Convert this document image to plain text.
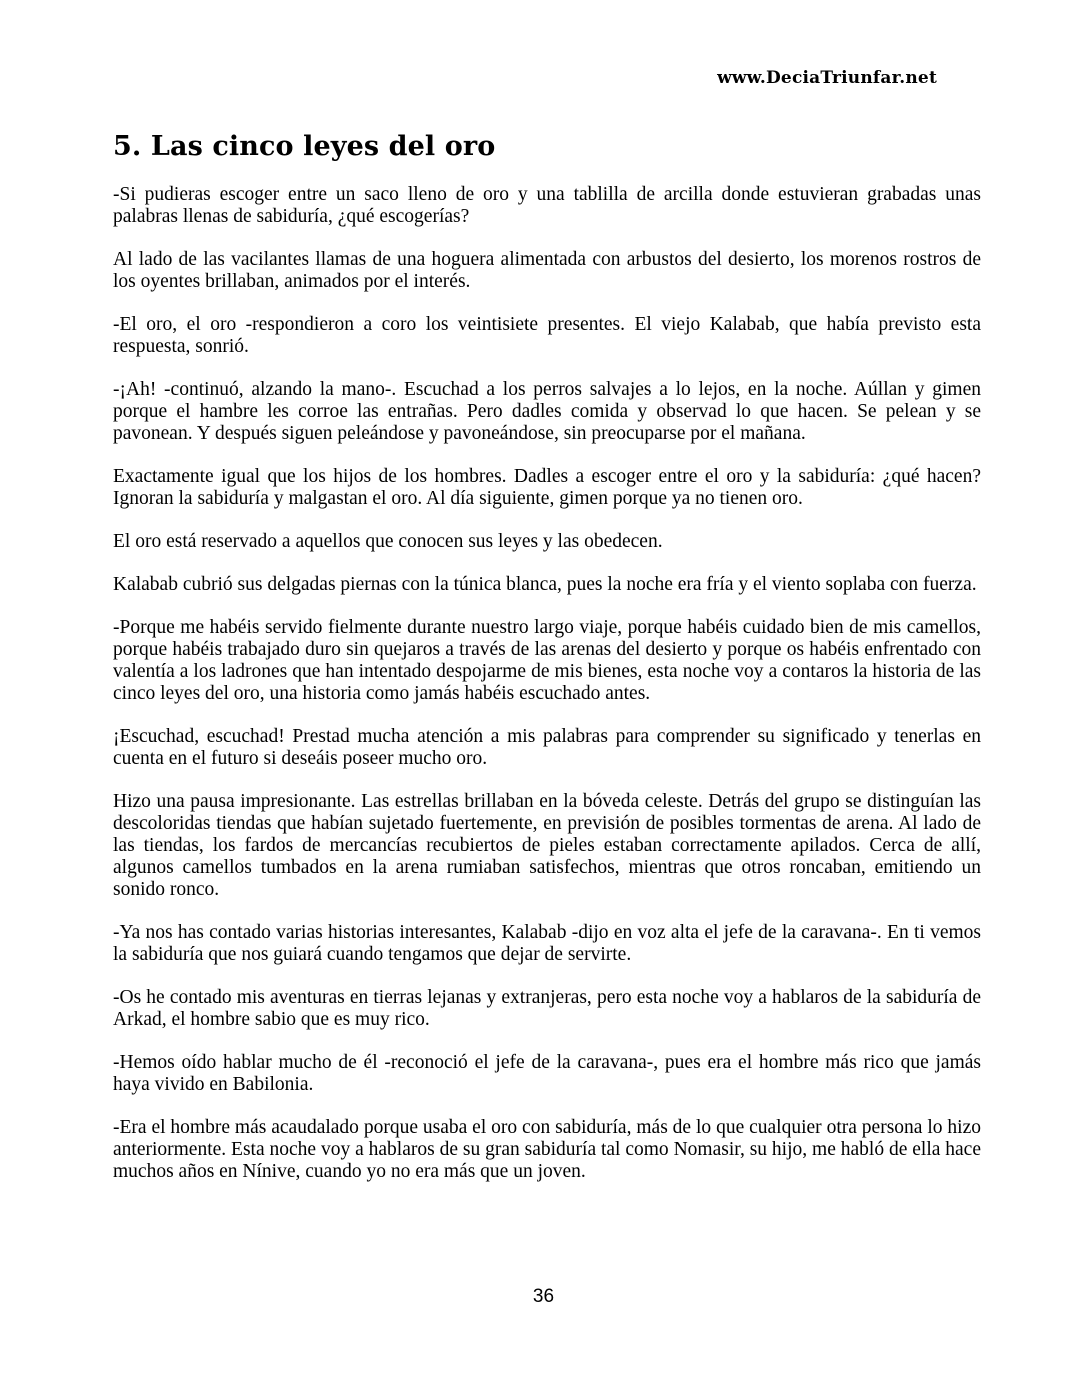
www.DeciaTriunfar.net
5. Las cinco leyes del oro

-Si pudieras escoger entre un saco lleno de oro y una tablilla de arcilla donde estuvieran grabadas unas palabras llenas de sabiduría, ¿qué escogerías?

Al lado de las vacilantes llamas de una hoguera alimentada con arbustos del desierto, los morenos rostros de los oyentes brillaban, animados por el interés.

-El oro, el oro -respondieron a coro los veintisiete presentes. El viejo Kalabab, que había previsto esta respuesta, sonrió.

-¡Ah! -continuó, alzando la mano-. Escuchad a los perros salvajes a lo lejos, en la noche. Aúllan y gimen porque el hambre les corroe las entrañas. Pero dadles comida y observad lo que hacen. Se pelean y se pavonean. Y después siguen peleándose y pavoneándose, sin preocuparse por el mañana.

Exactamente igual que los hijos de los hombres. Dadles a escoger entre el oro y la sabiduría: ¿qué hacen? Ignoran la sabiduría y malgastan el oro. Al día siguiente, gimen porque ya no tienen oro.

El oro está reservado a aquellos que conocen sus leyes y las obedecen.

Kalabab cubrió sus delgadas piernas con la túnica blanca, pues la noche era fría y el viento soplaba con fuerza.

-Porque me habéis servido fielmente durante nuestro largo viaje, porque habéis cuidado bien de mis camellos, porque habéis trabajado duro sin quejaros a través de las arenas del desierto y porque os habéis enfrentado con valentía a los ladrones que han intentado despojarme de mis bienes, esta noche voy a contaros la historia de las cinco leyes del oro, una historia como jamás habéis escuchado antes.

¡Escuchad, escuchad! Prestad mucha atención a mis palabras para comprender su significado y tenerlas en cuenta en el futuro si deseáis poseer mucho oro.

Hizo una pausa impresionante. Las estrellas brillaban en la bóveda celeste. Detrás del grupo se distinguían las descoloridas tiendas que habían sujetado fuertemente, en previsión de posibles tormentas de arena. Al lado de las tiendas, los fardos de mercancías recubiertos de pieles estaban correctamente apilados. Cerca de allí, algunos camellos tumbados en la arena rumiaban satisfechos, mientras que otros roncaban, emitiendo un sonido ronco.

-Ya nos has contado varias historias interesantes, Kalabab -dijo en voz alta el jefe de la caravana-. En ti vemos la sabiduría que nos guiará cuando tengamos que dejar de servirte.

-Os he contado mis aventuras en tierras lejanas y extranjeras, pero esta noche voy a hablaros de la sabiduría de Arkad, el hombre sabio que es muy rico.

-Hemos oído hablar mucho de él -reconoció el jefe de la caravana-, pues era el hombre más rico que jamás haya vivido en Babilonia.

-Era el hombre más acaudalado porque usaba el oro con sabiduría, más de lo que cualquier otra persona lo hizo anteriormente. Esta noche voy a hablaros de su gran sabiduría tal como Nomasir, su hijo, me habló de ella hace muchos años en Nínive, cuando yo no era más que un joven.

36
